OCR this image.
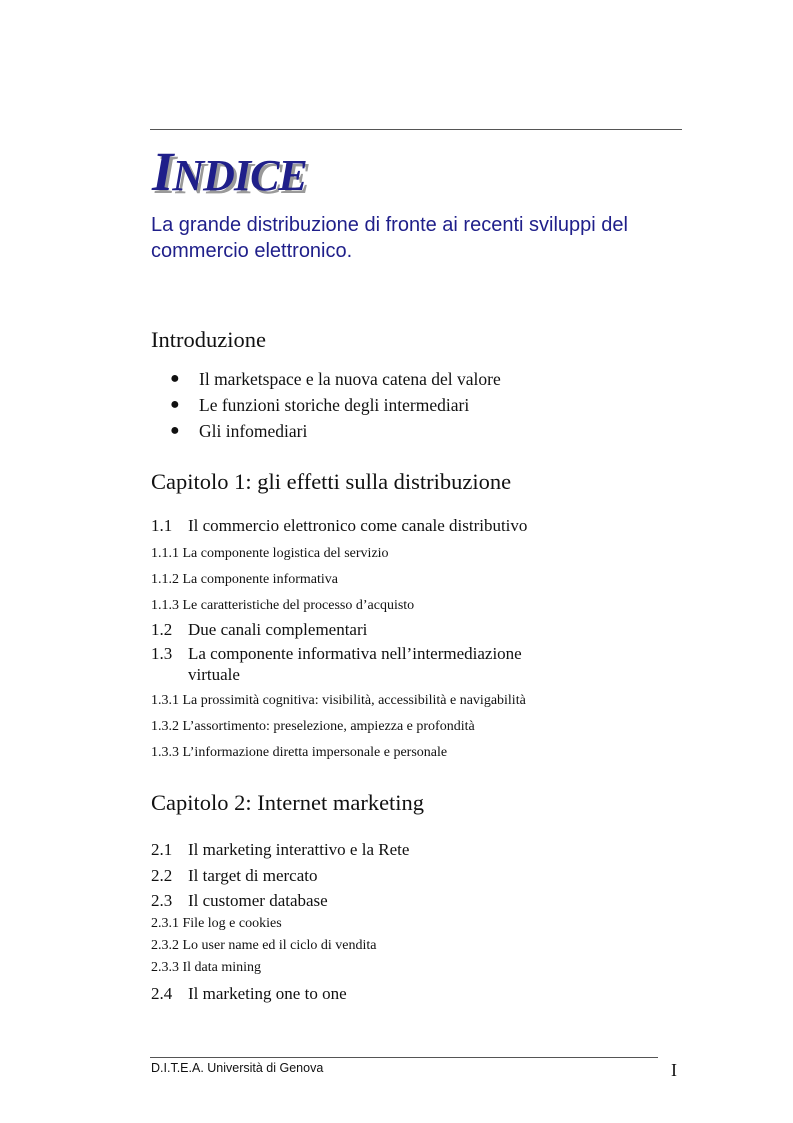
INDICE
La grande distribuzione di fronte ai recenti sviluppi del commercio elettronico.
Introduzione
● Il marketspace e la nuova catena del valore
● Le funzioni storiche degli intermediari
● Gli infomediari
Capitolo 1: gli effetti sulla distribuzione
1.1 Il commercio elettronico come canale distributivo
1.1.1 La componente logistica del servizio
1.1.2 La componente informativa
1.1.3 Le caratteristiche del processo d’acquisto
1.2 Due canali complementari
1.3 La componente informativa nell’intermediazione
virtuale
1.3.1 La prossimità cognitiva: visibilità, accessibilità e navigabilità
1.3.2 L’assortimento: preselezione, ampiezza e profondità
1.3.3 L’informazione diretta impersonale e personale
Capitolo 2: Internet marketing
2.1 Il marketing interattivo e la Rete
2.2 Il target di mercato
2.3 Il customer database
2.3.1 File log e cookies
2.3.2 Lo user name ed il ciclo di vendita
2.3.3 Il data mining
2.4 Il marketing one to one
D.I.T.E.A. Università di Genova	I
